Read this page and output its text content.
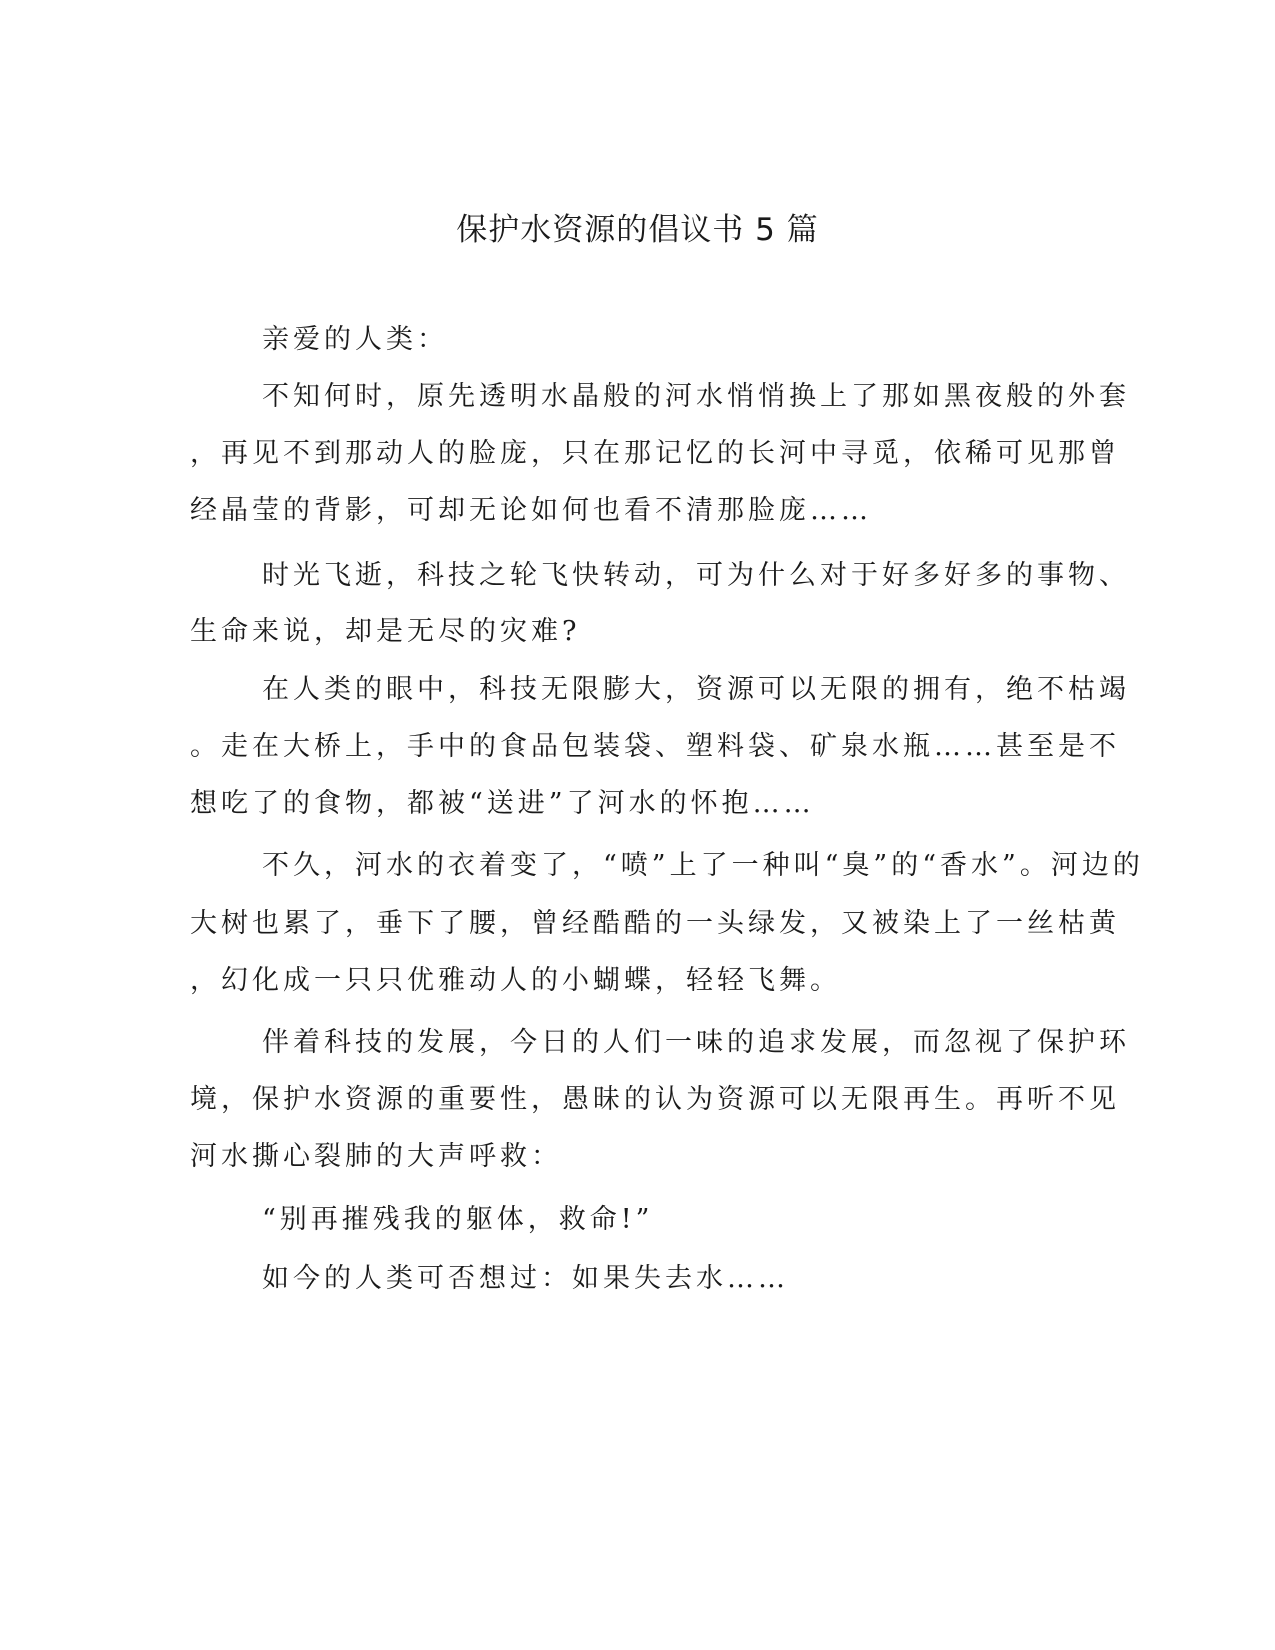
保护水资源的倡议书 5 篇

亲爱的人类：

不知何时，原先透明水晶般的河水悄悄换上了那如黑夜般的外套

，再见不到那动人的脸庞，只在那记忆的长河中寻觅，依稀可见那曾

经晶莹的背影，可却无论如何也看不清那脸庞……

时光飞逝，科技之轮飞快转动，可为什么对于好多好多的事物、

生命来说，却是无尽的灾难?

在人类的眼中，科技无限膨大，资源可以无限的拥有，绝不枯竭

。走在大桥上，手中的食品包装袋、塑料袋、矿泉水瓶……甚至是不

想吃了的食物，都被“送进”了河水的怀抱……

不久，河水的衣着变了，“喷”上了一种叫“臭”的“香水”。河边的

大树也累了，垂下了腰，曾经酷酷的一头绿发，又被染上了一丝枯黄

，幻化成一只只优雅动人的小蝴蝶，轻轻飞舞。

伴着科技的发展，今日的人们一味的追求发展，而忽视了保护环

境，保护水资源的重要性，愚昧的认为资源可以无限再生。再听不见

河水撕心裂肺的大声呼救：

“别再摧残我的躯体，救命!”

如今的人类可否想过：如果失去水……
